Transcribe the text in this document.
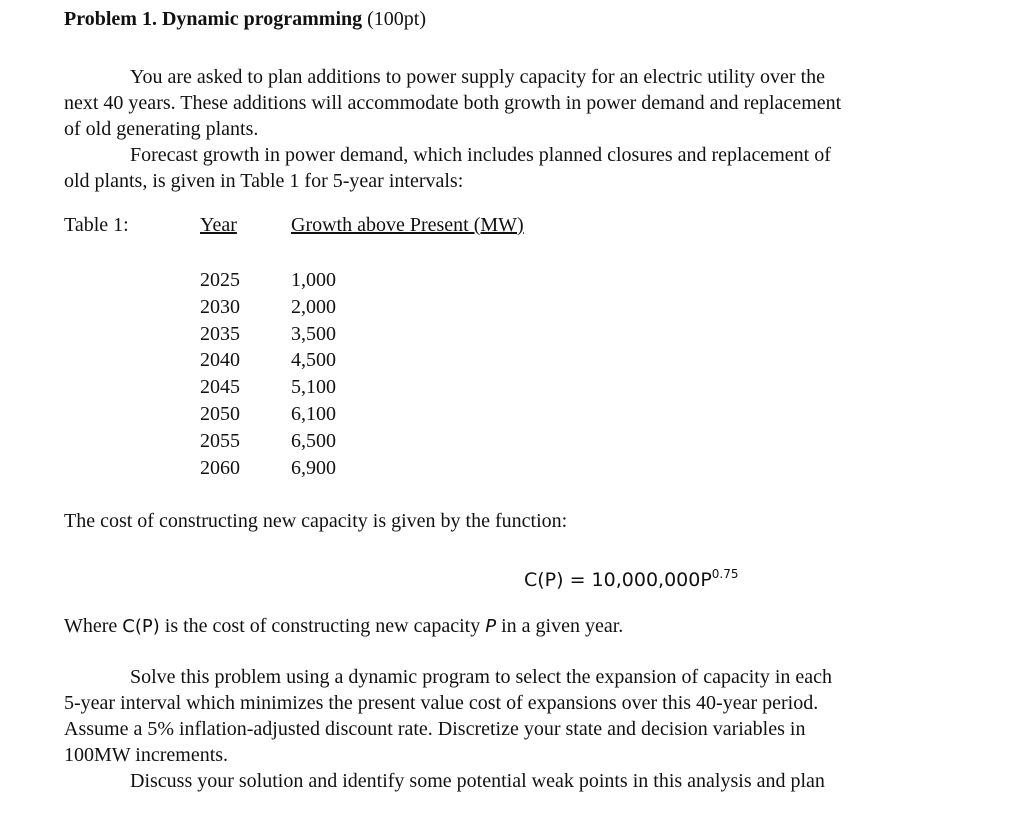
Problem 1. Dynamic programming (100pt)

You are asked to plan additions to power supply capacity for an electric utility over the
next 40 years. These additions will accommodate both growth in power demand and replacement
of old generating plants.
Forecast growth in power demand, which includes planned closures and replacement of
old plants, is given in Table 1 for 5-year intervals:
Table 1:	Year	Growth above Present (MW)
2025	1,000
2030	2,000
2035	3,500
2040	4,500
2045	5,100
2050	6,100
2055	6,500
2060	6,900
The cost of constructing new capacity is given by the function:
$C(P) = 10,000,000P^{0.75}$
Where C(P) is the cost of constructing new capacity P in a given year.
Solve this problem using a dynamic program to select the expansion of capacity in each
5-year interval which minimizes the present value cost of expansions over this 40-year period.
Assume a 5% inflation-adjusted discount rate. Discretize your state and decision variables in
100MW increments.

Discuss your solution and identify some potential weak points in this analysis and plan
